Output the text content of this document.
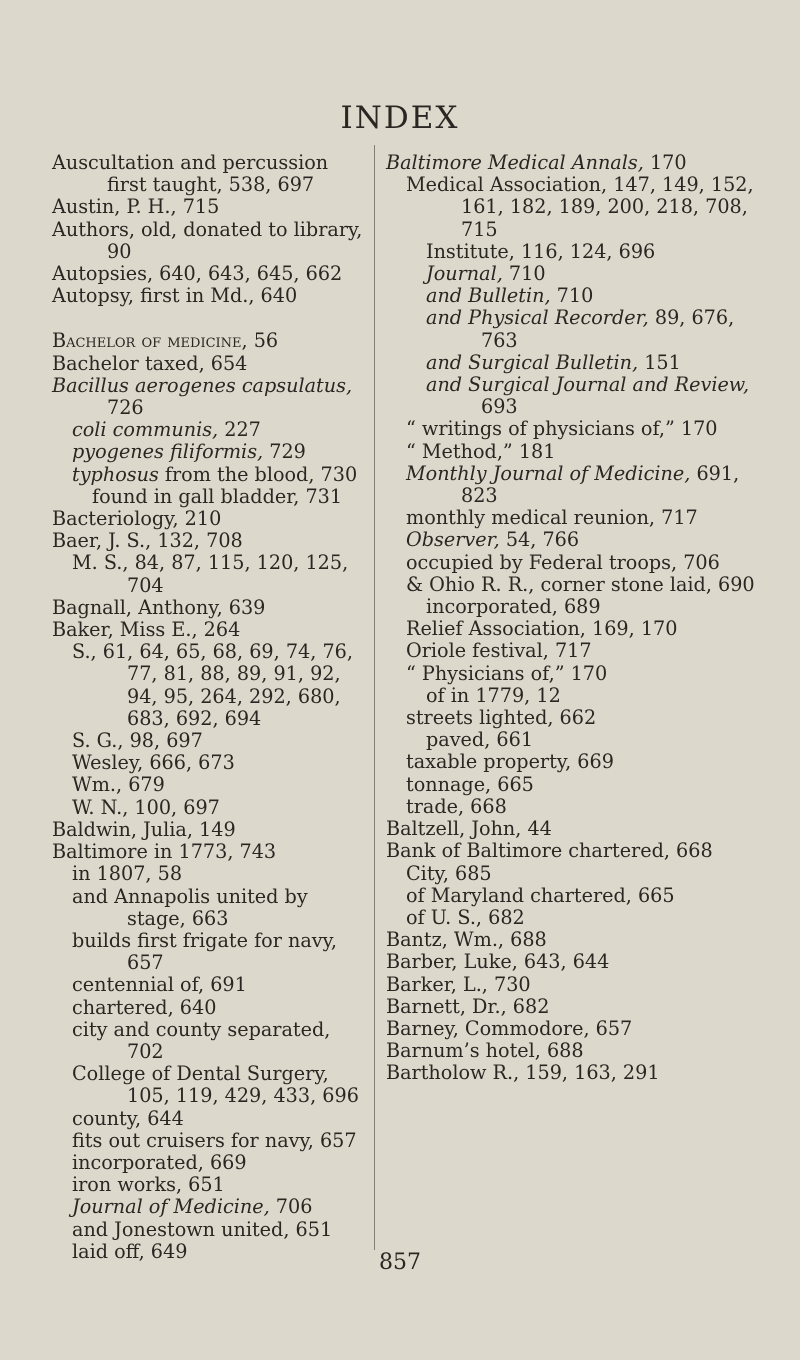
INDEX
Auscultation and percussion first taught, 538, 697
Austin, P. H., 715
Authors, old, donated to library, 90
Autopsies, 640, 643, 645, 662
Autopsy, first in Md., 640
Bachelor of medicine, 56
Bachelor taxed, 654
Bacillus aerogenes capsulatus, 726
coli communis, 227
pyogenes filiformis, 729
typhosus from the blood, 730
found in gall bladder, 731
Bacteriology, 210
Baer, J. S., 132, 708
M. S., 84, 87, 115, 120, 125, 704
Bagnall, Anthony, 639
Baker, Miss E., 264
S., 61, 64, 65, 68, 69, 74, 76, 77, 81, 88, 89, 91, 92, 94, 95, 264, 292, 680, 683, 692, 694
S. G., 98, 697
Wesley, 666, 673
Wm., 679
W. N., 100, 697
Baldwin, Julia, 149
Baltimore in 1773, 743
in 1807, 58
and Annapolis united by stage, 663
builds first frigate for navy, 657
centennial of, 691
chartered, 640
city and county separated, 702
College of Dental Surgery, 105, 119, 429, 433, 696
county, 644
fits out cruisers for navy, 657
incorporated, 669
iron works, 651
Journal of Medicine, 706
and Jonestown united, 651
laid off, 649
Baltimore Medical Annals, 170
Medical Association, 147, 149, 152, 161, 182, 189, 200, 218, 708, 715
Institute, 116, 124, 696
Journal, 710
and Bulletin, 710
and Physical Recorder, 89, 676, 763
and Surgical Bulletin, 151
and Surgical Journal and Review, 693
“ writings of physicians of,” 170
“ Method,” 181
Monthly Journal of Medicine, 691, 823
monthly medical reunion, 717
Observer, 54, 766
occupied by Federal troops, 706
& Ohio R. R., corner stone laid, 690
incorporated, 689
Relief Association, 169, 170
Oriole festival, 717
“ Physicians of,” 170
of in 1779, 12
streets lighted, 662
paved, 661
taxable property, 669
tonnage, 665
trade, 668
Baltzell, John, 44
Bank of Baltimore chartered, 668
City, 685
of Maryland chartered, 665
of U. S., 682
Bantz, Wm., 688
Barber, Luke, 643, 644
Barker, L., 730
Barnett, Dr., 682
Barney, Commodore, 657
Barnum’s hotel, 688
Bartholow R., 159, 163, 291
857
